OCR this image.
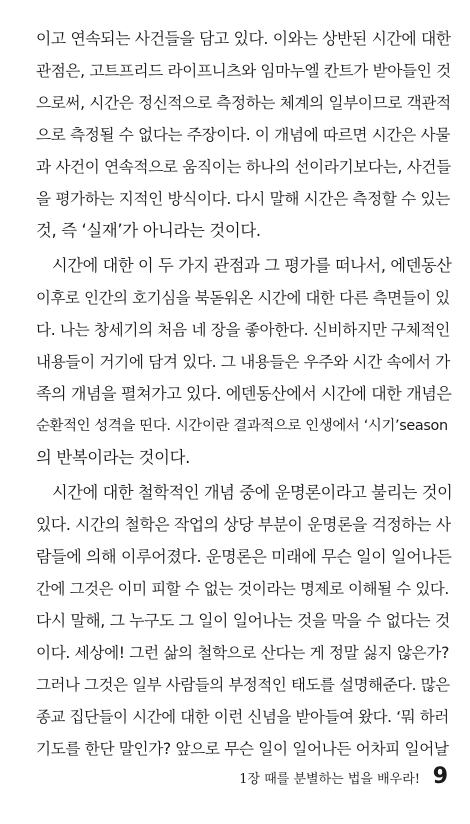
이고 연속되는 사건들을 담고 있다. 이와는 상반된 시간에 대한
관점은, 고트프리드 라이프니츠와 임마누엘 칸트가 받아들인 것
으로써, 시간은 정신적으로 측정하는 체계의 일부이므로 객관적
으로 측정될 수 없다는 주장이다. 이 개념에 따르면 시간은 사물
과 사건이 연속적으로 움직이는 하나의 선이라기보다는, 사건들
을 평가하는 지적인 방식이다. 다시 말해 시간은 측정할 수 있는
것, 즉 ‘실재’가 아니라는 것이다.
시간에 대한 이 두 가지 관점과 그 평가를 떠나서, 에덴동산
이후로 인간의 호기심을 북돋워온 시간에 대한 다른 측면들이 있
다. 나는 창세기의 처음 네 장을 좋아한다. 신비하지만 구체적인
내용들이 거기에 담겨 있다. 그 내용들은 우주와 시간 속에서 가
족의 개념을 펼쳐가고 있다. 에덴동산에서 시간에 대한 개념은
순환적인 성격을 띤다. 시간이란 결과적으로 인생에서 ‘시기’season
의 반복이라는 것이다.
시간에 대한 철학적인 개념 중에 운명론이라고 불리는 것이
있다. 시간의 철학은 작업의 상당 부분이 운명론을 걱정하는 사
람들에 의해 이루어졌다. 운명론은 미래에 무슨 일이 일어나든
간에 그것은 이미 피할 수 없는 것이라는 명제로 이해될 수 있다.
다시 말해, 그 누구도 그 일이 일어나는 것을 막을 수 없다는 것
이다. 세상에! 그런 삶의 철학으로 산다는 게 정말 싫지 않은가?
그러나 그것은 일부 사람들의 부정적인 태도를 설명해준다. 많은
종교 집단들이 시간에 대한 이런 신념을 받아들여 왔다. ‘뭐 하러
기도를 한단 말인가? 앞으로 무슨 일이 일어나든 어차피 일어날
1장 때를 분별하는 법을 배우라! 9
